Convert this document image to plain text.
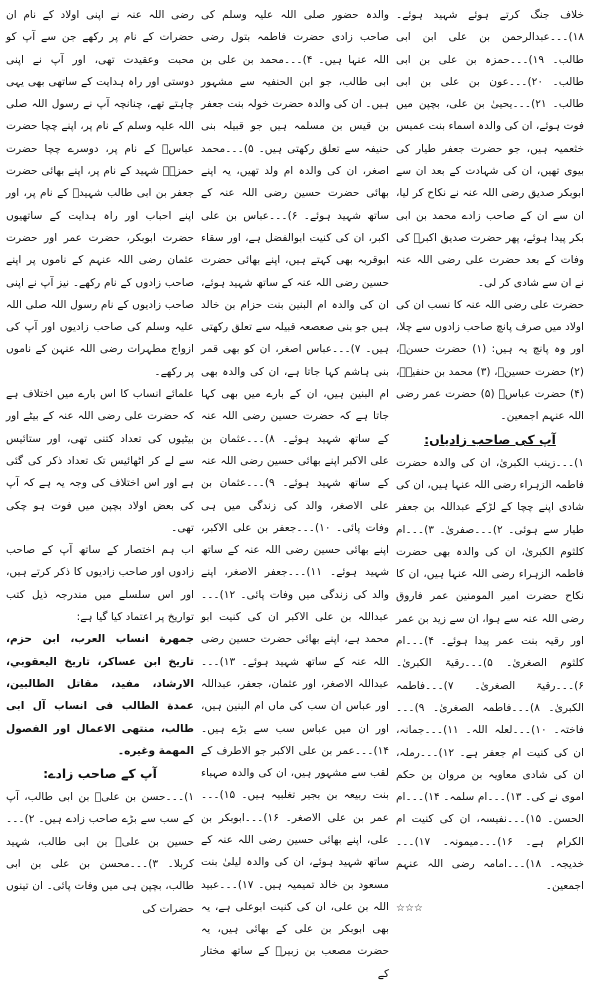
رضی اللہ عنہ نے اپنی اولاد کے نام ان حضرات کے نام پر رکھے جن سے آپ کو محبت وعقیدت تھی، اور آپ نے اپنی دوستی اور راہ ہدایت کے ساتھی بھی یہی چاہتے تھے، چنانچہ آپ نے رسول اللہ صلی اللہ علیہ وسلم کے نام پر، اپنے چچا حضرت عباسؓ کے نام پر، دوسرے چچا حضرت حمزہؓ شہید کے نام پر، اپنے بھائی حضرت جعفر بن ابی طالب شہیدؓ کے نام پر، اور اپنے احباب اور راہ ہدایت کے ساتھیوں حضرت ابوبکر، حضرت عمر اور حضرت عثمان رضی اللہ عنہم کے ناموں پر اپنے صاحب زادوں کے نام رکھے۔ نیز آپ نے اپنی صاحب زادیوں کے نام رسول اللہ صلی اللہ علیہ وسلم کی صاحب زادیوں اور آپ کی ازواج مطہرات رضی اللہ عنہن کے ناموں پر رکھے۔

علمائے انساب کا اس بارے میں اختلاف ہے کہ حضرت علی رضی اللہ عنہ کے بیٹے اور بیٹیوں کی تعداد کتنی تھی، اور ستائیس سے لے کر اٹھائیس تک تعداد ذکر کی گئی ہے اور اس اختلاف کی وجہ یہ ہے کہ آپ کی بعض اولاد بچپن میں فوت ہو چکی تھی۔

اب ہم اختصار کے ساتھ آپ کے صاحب زادوں اور صاحب زادیوں کا ذکر کرتے ہیں، اور اس سلسلے میں مندرجہ ذیل کتب تواریخ پر اعتماد کیا گیا ہے:

جمهرة انساب العرب، ابن حزم، تاريخ ابن عساكر، تاريخ اليعقوبي، الارشاد، مفيد، مقاتل الطالبين، عمدة الطالب فی انساب آل ابی طالب، منتهی الاعمال اور الفصول المهمة وغیره۔

آپ کے صاحب زادے:

۱)۔۔۔حسن بن علیؓ بن ابی طالب، آپ کے سب سے بڑے صاحب زادے ہیں۔ ۲)۔۔۔حسین بن علیؓ بن ابی طالب، شہید کربلا۔ ۳)۔۔۔محسن بن علی بن ابی طالب، بچپن ہی میں وفات پائی۔ ان تینوں حضرات کی

والدہ حضور صلی اللہ علیہ وسلم کی صاحب زادی حضرت فاطمہ بتول رضی اللہ عنہا ہیں۔ ۴)۔۔۔محمد بن علی بن ابی طالب، جو ابن الحنفیہ سے مشہور ہیں۔ ان کی والدہ حضرت خولہ بنت جعفر بن قیس بن مسلمہ ہیں جو قبیلہ بنی حنیفہ سے تعلق رکھتی ہیں۔ ۵)۔۔۔محمد اصغر، ان کی والدہ ام ولد تھیں، یہ اپنے بھائی حضرت حسین رضی اللہ عنہ کے ساتھ شہید ہوئے۔ ۶)۔۔۔عباس بن علی اکبر، ان کی کنیت ابوالفضل ہے، اور سقاء ابوقربہ بھی کہتے ہیں، اپنے بھائی حضرت حسین رضی اللہ عنہ کے ساتھ شہید ہوئے، ان کی والدہ ام البنین بنت حزام بن خالد ہیں جو بنی صعصعہ قبیلہ سے تعلق رکھتی ہیں۔ ۷)۔۔۔عباس اصغر، ان کو بھی قمر بنی ہاشم کہا جاتا ہے، ان کی والدہ بھی ام البنین ہیں، ان کے بارے میں بھی کہا جاتا ہے کہ حضرت حسین رضی اللہ عنہ کے ساتھ شہید ہوئے۔ ۸)۔۔۔عثمان بن علی الاکبر اپنے بھائی حسین رضی اللہ عنہ کے ساتھ شہید ہوئے۔ ۹)۔۔۔عثمان بن علی الاصغر، والد کی زندگی میں ہی وفات پائی۔ ۱۰)۔۔۔جعفر بن علی الاکبر، اپنے بھائی حسین رضی اللہ عنہ کے ساتھ شہید ہوئے۔ ۱۱)۔۔۔جعفر الاصغر، اپنے والد کی زندگی میں وفات پائی۔ ۱۲)۔۔۔عبداللہ بن علی الاکبر ان کی کنیت ابو محمد ہے، اپنے بھائی حضرت حسین رضی اللہ عنہ کے ساتھ شہید ہوئے۔ ۱۳)۔۔۔عبداللہ الاصغر، اور عثمان، جعفر، عبداللہ اور عباس ان سب کی ماں ام البنین ہیں، اور ان میں عباس سب سے بڑے ہیں۔ ۱۴)۔۔۔عمر بن علی الاکبر جو الاطرف کے لقب سے مشہور ہیں، ان کی والدہ صہباء بنت ربیعہ بن بجیر تغلبیہ ہیں۔ ۱۵)۔۔۔عمر بن علی الاصغر۔ ۱۶)۔۔۔ابوبکر بن علی، اپنے بھائی حسین رضی اللہ عنہ کے ساتھ شہید ہوئے، ان کی والدہ لیلیٰ بنت مسعود بن خالد تمیمیہ ہیں۔ ۱۷)۔۔۔عبید اللہ بن علی، ان کی کنیت ابوعلی ہے، یہ بھی ابوبکر بن علی کے بھائی ہیں، یہ حضرت مصعب بن زبیرؓ کے ساتھ مختار کے

خلاف جنگ کرتے ہوئے شہید ہوئے۔ ۱۸)۔۔۔عبدالرحمن بن علی ابن ابی طالب۔ ۱۹)۔۔۔حمزہ بن علی بن ابی طالب۔ ۲۰)۔۔۔عون بن علی بن ابی طالب۔ ۲۱)۔۔۔یحییٰ بن علی، بچپن میں فوت ہوئے، ان کی والدہ اسماء بنت عمیس خثعمیہ ہیں، جو حضرت جعفر طیار کی بیوی تھیں، ان کی شہادت کے بعد ان سے ابوبکر صدیق رضی اللہ عنہ نے نکاح کر لیا، ان سے ان کے صاحب زادے محمد بن ابی بکر پیدا ہوئے، پھر حضرت صدیق اکبرؓ کی وفات کے بعد حضرت علی رضی اللہ عنہ نے ان سے شادی کر لی۔

حضرت علی رضی اللہ عنہ کا نسب ان کی اولاد میں صرف پانچ صاحب زادوں سے چلا، اور وہ پانچ یہ ہیں: (۱) حضرت حسنؓ، (۲) حضرت حسینؓ، (۳) محمد بن حنفیہؒ، (۴) حضرت عباسؓ (۵) حضرت عمر رضی اللہ عنہم اجمعین۔

آپ کی صاحب زادیاں:

۱)۔۔۔زینب الکبریٰ، ان کی والدہ حضرت فاطمہ الزہراء رضی اللہ عنہا ہیں، ان کی شادی اپنے چچا کے لڑکے عبداللہ بن جعفر طیار سے ہوئی۔ ۲)۔۔۔صفریٰ۔ ۳)۔۔۔ام کلثوم الکبریٰ، ان کی والدہ بھی حضرت فاطمہ الزہراء رضی اللہ عنہا ہیں، ان کا نکاح حضرت امیر المومنین عمر فاروق رضی اللہ عنہ سے ہوا، ان سے زید بن عمر اور رقیہ بنت عمر پیدا ہوئے۔ ۴)۔۔۔ام کلثوم الصغریٰ۔ ۵)۔۔۔رقیۃ الکبریٰ۔ ۶)۔۔۔رقیۃ الصغریٰ۔ ۷)۔۔۔فاطمہ الکبریٰ۔ ۸)۔۔۔فاطمہ الصغریٰ۔ ۹)۔۔۔فاختہ۔ ۱۰)۔۔۔لعلہ اللہ۔ ۱۱)۔۔۔جمانہ، ان کی کنیت ام جعفر ہے۔ ۱۲)۔۔۔رملہ، ان کی شادی معاویہ بن مروان بن حکم اموی نے کی۔ ۱۳)۔۔۔ام سلمہ۔ ۱۴)۔۔۔ام الحسن۔ ۱۵)۔۔۔نفیسہ، ان کی کنیت ام الکرام ہے۔ ۱۶)۔۔۔میمونہ۔ ۱۷)۔۔۔خدیجہ۔ ۱۸)۔۔۔امامہ رضی اللہ عنہم اجمعین۔

☆☆☆
